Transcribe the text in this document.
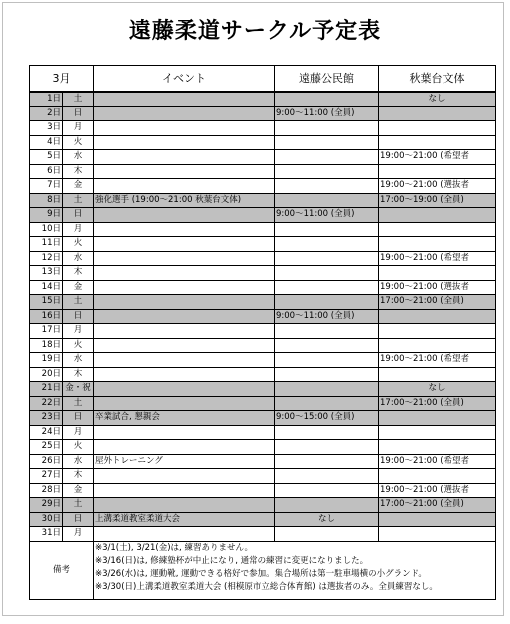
遠藤柔道サークル予定表
3月		イベント	遠藤公民館	秋葉台文体
1日	土			なし
2日	日		9:00～11:00 (全員)	
3日	月			
4日	火			
5日	水			19:00～21:00 (希望者
6日	木			
7日	金			19:00～21:00 (選抜者
8日	土	強化選手 (19:00～21:00 秋葉台文体)		17:00～19:00 (全員)
9日	日		9:00～11:00 (全員)	
10日	月			
11日	火			
12日	水			19:00～21:00 (希望者
13日	木			
14日	金			19:00～21:00 (選抜者
15日	土			17:00～21:00 (全員)
16日	日		9:00～11:00 (全員)	
17日	月			
18日	火			
19日	水			19:00～21:00 (希望者
20日	木			
21日	金・祝			なし
22日	土			17:00～21:00 (全員)
23日	日	卒業試合, 懇親会	9:00～15:00 (全員)	
24日	月			
25日	火			
26日	水	屋外トレーニング		19:00～21:00 (希望者
27日	木			
28日	金			19:00～21:00 (選抜者
29日	土			17:00～21:00 (全員)
30日	日	上溝柔道教室柔道大会	なし	
31日	月			
備考		※3/1(土), 3/21(金)は, 練習ありません。
※3/16(日)は, 修練塾杯が中止になり, 通常の練習に変更になりました。
※3/26(水)は, 運動靴, 運動できる格好で参加。集合場所は第一駐車場横の小グランド。
※3/30(日)上溝柔道教室柔道大会 (相模原市立総合体育館) は選抜者のみ。全員練習なし。		
